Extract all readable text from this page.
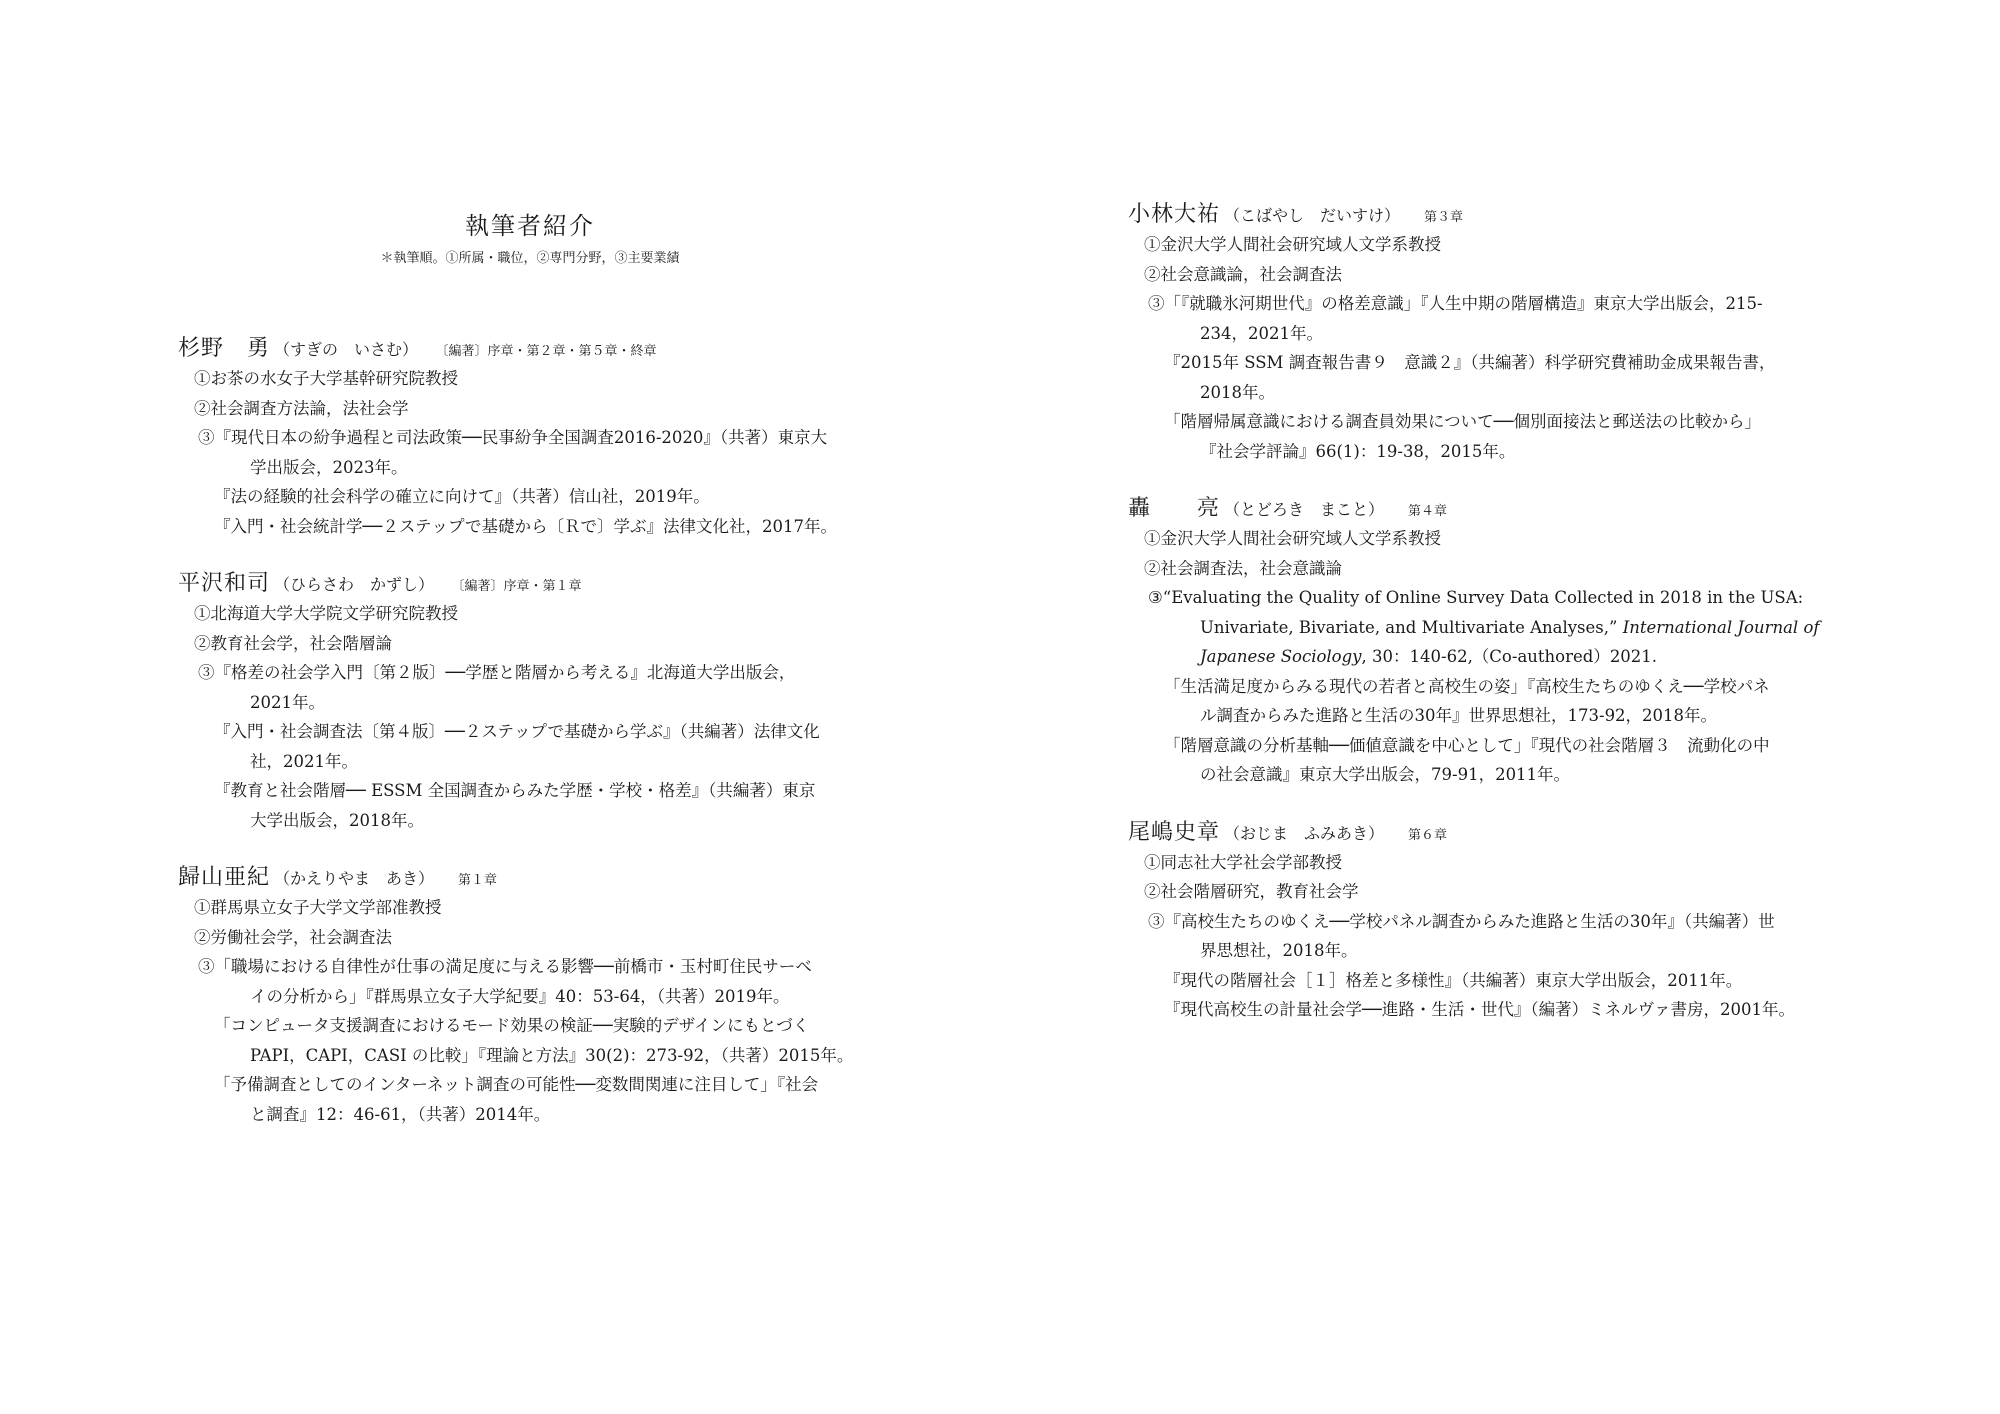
執筆者紹介
＊執筆順。①所属・職位，②専門分野，③主要業績
杉野　勇 （すぎの　いさむ） 〔編著〕序章・第２章・第５章・終章
①お茶の水女子大学基幹研究院教授
②社会調査方法論，法社会学
③『現代日本の紛争過程と司法政策──民事紛争全国調査2016-2020』（共著）東京大
学出版会，2023年。
『法の経験的社会科学の確立に向けて』（共著）信山社，2019年。
『入門・社会統計学──２ステップで基礎から〔Ｒで〕学ぶ』法律文化社，2017年。
平沢和司 （ひらさわ　かずし） 〔編著〕序章・第１章
①北海道大学大学院文学研究院教授
②教育社会学，社会階層論
③『格差の社会学入門〔第２版〕──学歴と階層から考える』北海道大学出版会，
2021年。
『入門・社会調査法〔第４版〕──２ステップで基礎から学ぶ』（共編著）法律文化
社，2021年。
『教育と社会階層── ESSM 全国調査からみた学歴・学校・格差』（共編著）東京
大学出版会，2018年。
歸山亜紀 （かえりやま　あき） 第１章
①群馬県立女子大学文学部准教授
②労働社会学，社会調査法
③「職場における自律性が仕事の満足度に与える影響──前橋市・玉村町住民サーベ
イの分析から」『群馬県立女子大学紀要』40：53-64，（共著）2019年。
「コンピュータ支援調査におけるモード効果の検証──実験的デザインにもとづく
PAPI，CAPI，CASI の比較」『理論と方法』30(2)：273-92，（共著）2015年。
「予備調査としてのインターネット調査の可能性──変数間関連に注目して」『社会
と調査』12：46-61，（共著）2014年。
小林大祐 （こばやし　だいすけ） 第３章
①金沢大学人間社会研究域人文学系教授
②社会意識論，社会調査法
③「『就職氷河期世代』の格差意識」『人生中期の階層構造』東京大学出版会，215-
234，2021年。
『2015年 SSM 調査報告書９　意識２』（共編著）科学研究費補助金成果報告書，
2018年。
「階層帰属意識における調査員効果について──個別面接法と郵送法の比較から」
『社会学評論』66(1)：19-38，2015年。
轟　　亮 （とどろき　まこと） 第４章
①金沢大学人間社会研究域人文学系教授
②社会調査法，社会意識論
③“Evaluating the Quality of Online Survey Data Collected in 2018 in the USA:
Univariate, Bivariate, and Multivariate Analyses,” International Journal of
Japanese Sociology, 30：140-62,（Co-authored）2021.
「生活満足度からみる現代の若者と高校生の姿」『高校生たちのゆくえ──学校パネ
ル調査からみた進路と生活の30年』世界思想社，173-92，2018年。
「階層意識の分析基軸──価値意識を中心として」『現代の社会階層３　流動化の中
の社会意識』東京大学出版会，79-91，2011年。
尾嶋史章 （おじま　ふみあき） 第６章
①同志社大学社会学部教授
②社会階層研究，教育社会学
③『高校生たちのゆくえ──学校パネル調査からみた進路と生活の30年』（共編著）世
界思想社，2018年。
『現代の階層社会［１］格差と多様性』（共編著）東京大学出版会，2011年。
『現代高校生の計量社会学──進路・生活・世代』（編著）ミネルヴァ書房，2001年。
